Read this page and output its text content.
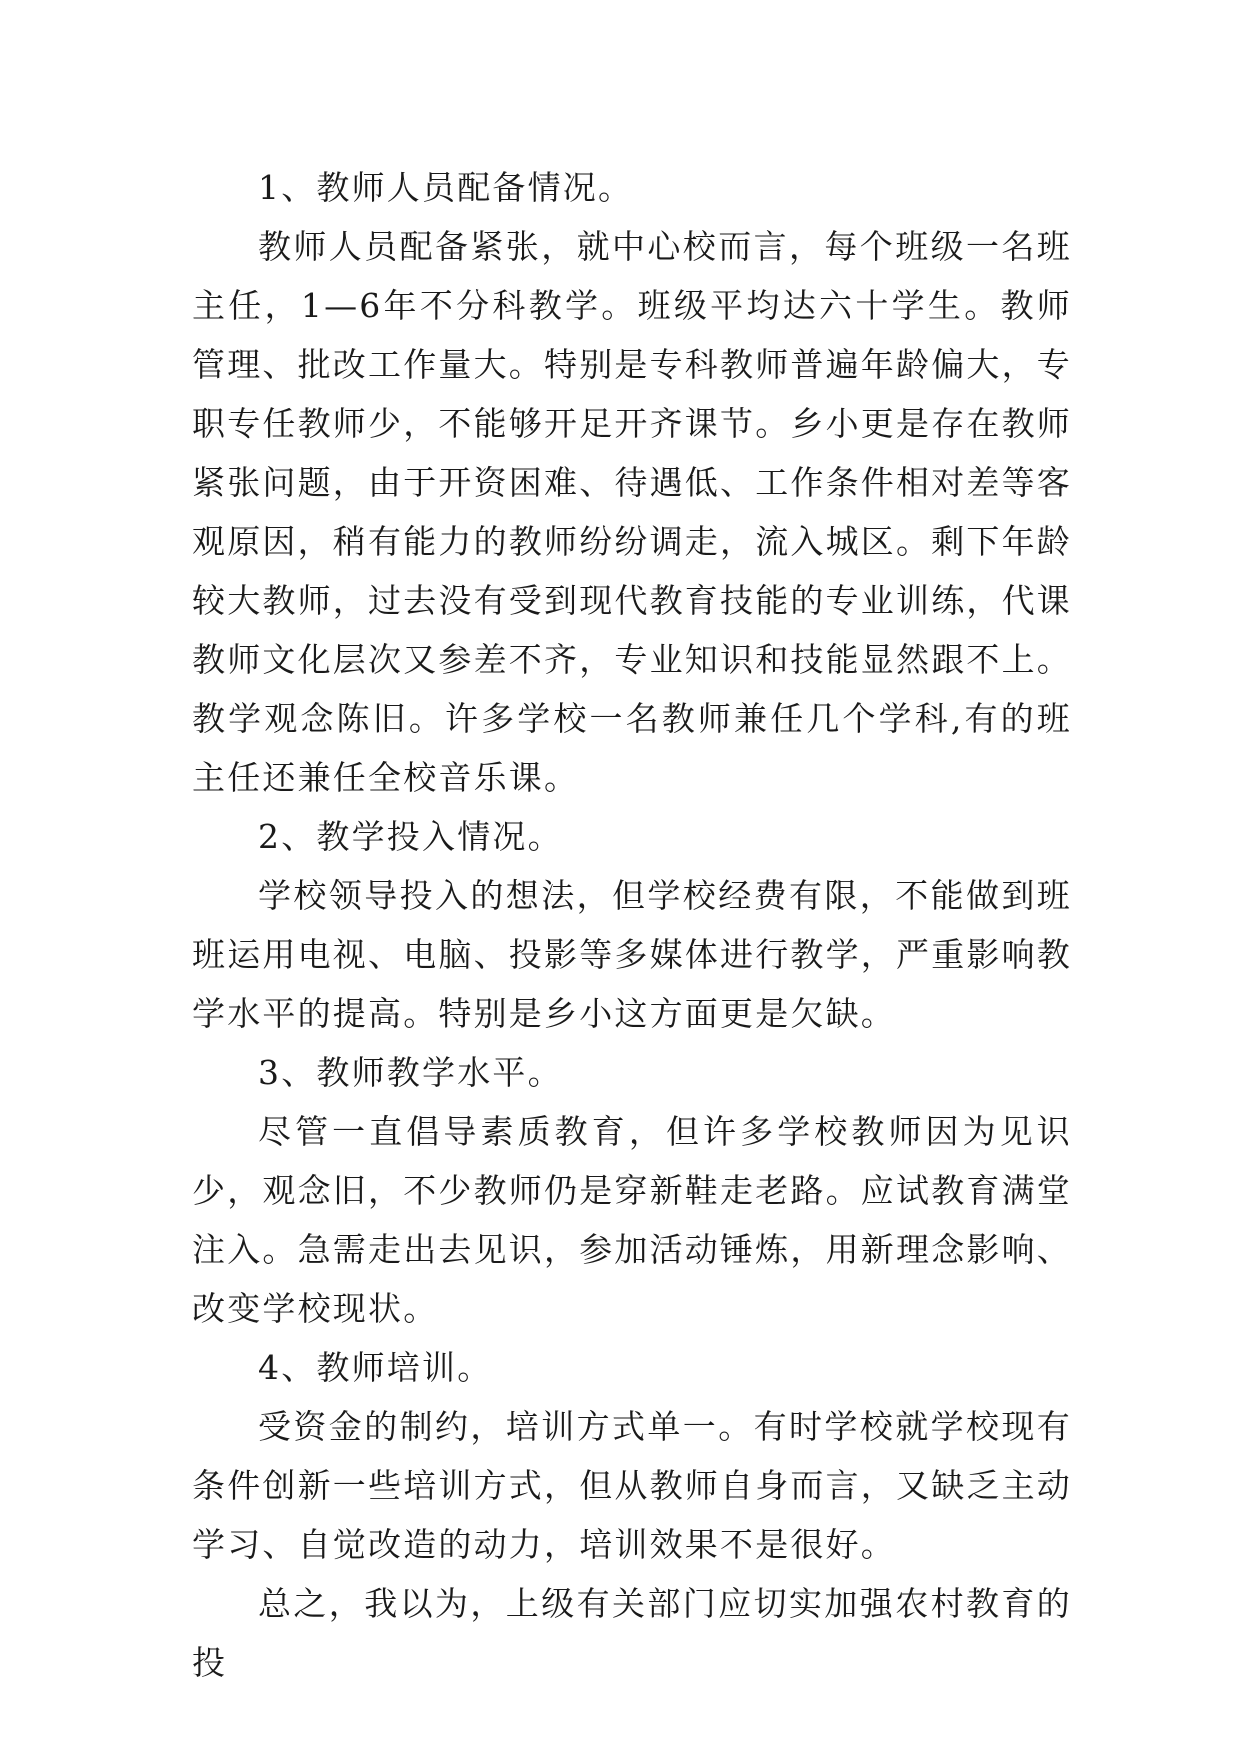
1、教师人员配备情况。

教师人员配备紧张，就中心校而言，每个班级一名班主任，1—6年不分科教学。班级平均达六十学生。教师管理、批改工作量大。特别是专科教师普遍年龄偏大，专职专任教师少，不能够开足开齐课节。乡小更是存在教师紧张问题，由于开资困难、待遇低、工作条件相对差等客观原因，稍有能力的教师纷纷调走，流入城区。剩下年龄较大教师，过去没有受到现代教育技能的专业训练，代课教师文化层次又参差不齐，专业知识和技能显然跟不上。教学观念陈旧。许多学校一名教师兼任几个学科,有的班主任还兼任全校音乐课。

2、教学投入情况。

学校领导投入的想法，但学校经费有限，不能做到班班运用电视、电脑、投影等多媒体进行教学，严重影响教学水平的提高。特别是乡小这方面更是欠缺。

3、教师教学水平。

尽管一直倡导素质教育，但许多学校教师因为见识少，观念旧，不少教师仍是穿新鞋走老路。应试教育满堂注入。急需走出去见识，参加活动锤炼，用新理念影响、改变学校现状。

4、教师培训。

受资金的制约，培训方式单一。有时学校就学校现有条件创新一些培训方式，但从教师自身而言，又缺乏主动学习、自觉改造的动力，培训效果不是很好。

总之，我以为，上级有关部门应切实加强农村教育的投
